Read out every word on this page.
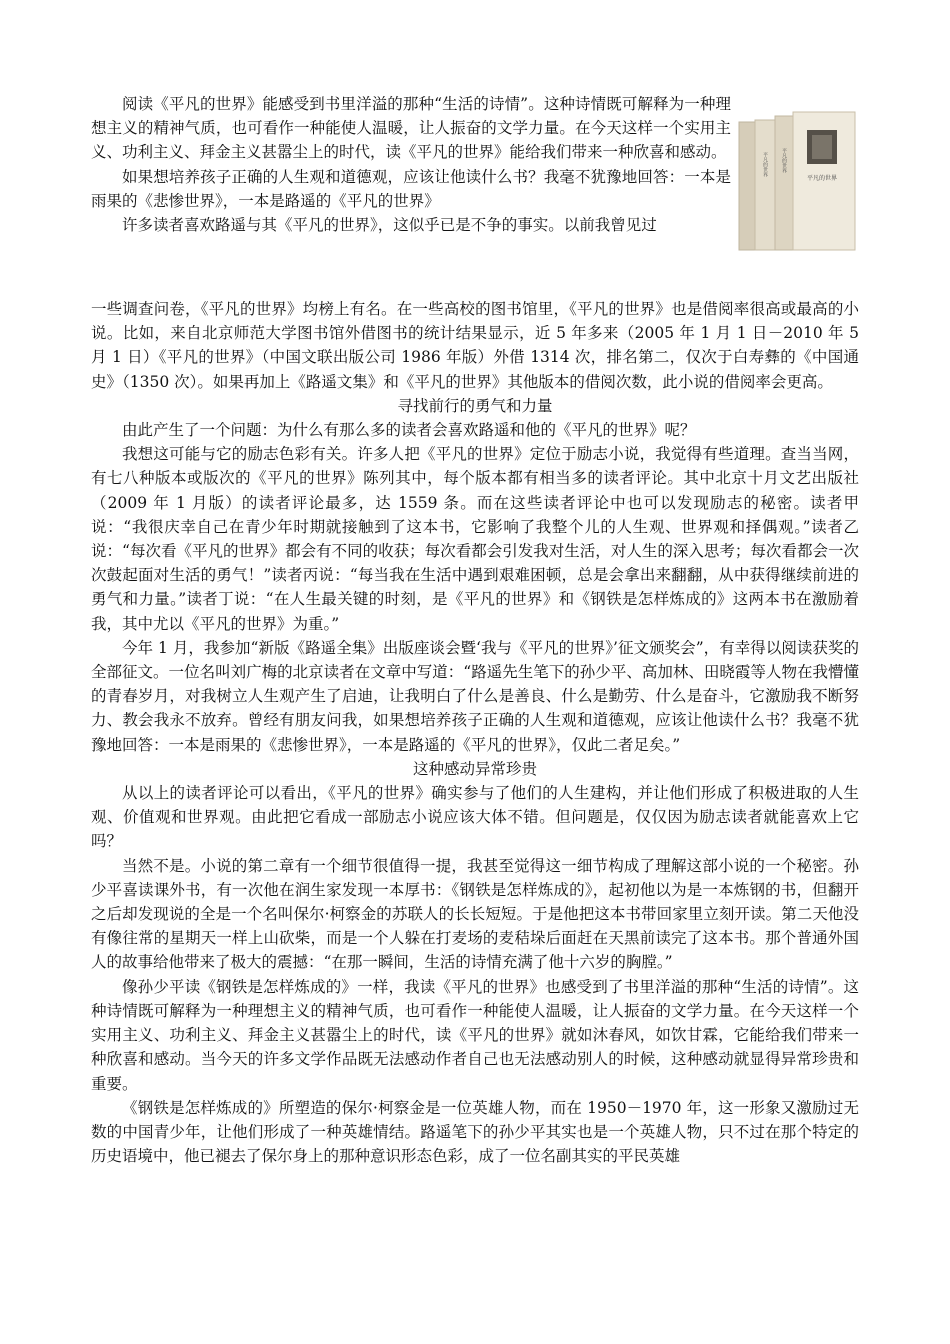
阅读《平凡的世界》能感受到书里洋溢的那种“生活的诗情”。这种诗情既可解释为一种理想主义的精神气质，也可看作一种能使人温暖，让人振奋的文学力量。在今天这样一个实用主义、功利主义、拜金主义甚嚣尘上的时代，读《平凡的世界》能给我们带来一种欣喜和感动。

如果想培养孩子正确的人生观和道德观，应该让他读什么书？我毫不犹豫地回答：一本是雨果的《悲惨世界》，一本是路遥的《平凡的世界》

许多读者喜欢路遥与其《平凡的世界》，这似乎已是不争的事实。以前我曾见过

平凡的世界
平凡的世界
平凡的世界

一些调查问卷，《平凡的世界》均榜上有名。在一些高校的图书馆里，《平凡的世界》也是借阅率很高或最高的小说。比如，来自北京师范大学图书馆外借图书的统计结果显示，近 5 年多来（2005 年 1 月 1 日－2010 年 5 月 1 日）《平凡的世界》（中国文联出版公司 1986 年版）外借 1314 次，排名第二，仅次于白寿彝的《中国通史》（1350 次）。如果再加上《路遥文集》和《平凡的世界》其他版本的借阅次数，此小说的借阅率会更高。

寻找前行的勇气和力量

由此产生了一个问题：为什么有那么多的读者会喜欢路遥和他的《平凡的世界》呢？

我想这可能与它的励志色彩有关。许多人把《平凡的世界》定位于励志小说，我觉得有些道理。查当当网，有七八种版本或版次的《平凡的世界》陈列其中，每个版本都有相当多的读者评论。其中北京十月文艺出版社（2009 年 1 月版）的读者评论最多，达 1559 条。而在这些读者评论中也可以发现励志的秘密。读者甲说：“我很庆幸自己在青少年时期就接触到了这本书，它影响了我整个儿的人生观、世界观和择偶观。”读者乙说：“每次看《平凡的世界》都会有不同的收获；每次看都会引发我对生活，对人生的深入思考；每次看都会一次次鼓起面对生活的勇气！”读者丙说：“每当我在生活中遇到艰难困顿，总是会拿出来翻翻，从中获得继续前进的勇气和力量。”读者丁说：“在人生最关键的时刻，是《平凡的世界》和《钢铁是怎样炼成的》这两本书在激励着我，其中尤以《平凡的世界》为重。”

今年 1 月，我参加“新版《路遥全集》出版座谈会暨‘我与《平凡的世界》’征文颁奖会”，有幸得以阅读获奖的全部征文。一位名叫刘广梅的北京读者在文章中写道：“路遥先生笔下的孙少平、高加林、田晓霞等人物在我懵懂的青春岁月，对我树立人生观产生了启迪，让我明白了什么是善良、什么是勤劳、什么是奋斗，它激励我不断努力、教会我永不放弃。曾经有朋友问我，如果想培养孩子正确的人生观和道德观，应该让他读什么书？我毫不犹豫地回答：一本是雨果的《悲惨世界》，一本是路遥的《平凡的世界》，仅此二者足矣。”

这种感动异常珍贵

从以上的读者评论可以看出，《平凡的世界》确实参与了他们的人生建构，并让他们形成了积极进取的人生观、价值观和世界观。由此把它看成一部励志小说应该大体不错。但问题是，仅仅因为励志读者就能喜欢上它吗？

当然不是。小说的第二章有一个细节很值得一提，我甚至觉得这一细节构成了理解这部小说的一个秘密。孙少平喜读课外书，有一次他在润生家发现一本厚书：《钢铁是怎样炼成的》，起初他以为是一本炼钢的书，但翻开之后却发现说的全是一个名叫保尔·柯察金的苏联人的长长短短。于是他把这本书带回家里立刻开读。第二天他没有像往常的星期天一样上山砍柴，而是一个人躲在打麦场的麦秸垛后面赶在天黑前读完了这本书。那个普通外国人的故事给他带来了极大的震撼：“在那一瞬间，生活的诗情充满了他十六岁的胸膛。”

像孙少平读《钢铁是怎样炼成的》一样，我读《平凡的世界》也感受到了书里洋溢的那种“生活的诗情”。这种诗情既可解释为一种理想主义的精神气质，也可看作一种能使人温暖，让人振奋的文学力量。在今天这样一个实用主义、功利主义、拜金主义甚嚣尘上的时代，读《平凡的世界》就如沐春风，如饮甘霖，它能给我们带来一种欣喜和感动。当今天的许多文学作品既无法感动作者自己也无法感动别人的时候，这种感动就显得异常珍贵和重要。

《钢铁是怎样炼成的》所塑造的保尔·柯察金是一位英雄人物，而在 1950－1970 年，这一形象又激励过无数的中国青少年，让他们形成了一种英雄情结。路遥笔下的孙少平其实也是一个英雄人物，只不过在那个特定的历史语境中，他已褪去了保尔身上的那种意识形态色彩，成了一位名副其实的平民英雄
